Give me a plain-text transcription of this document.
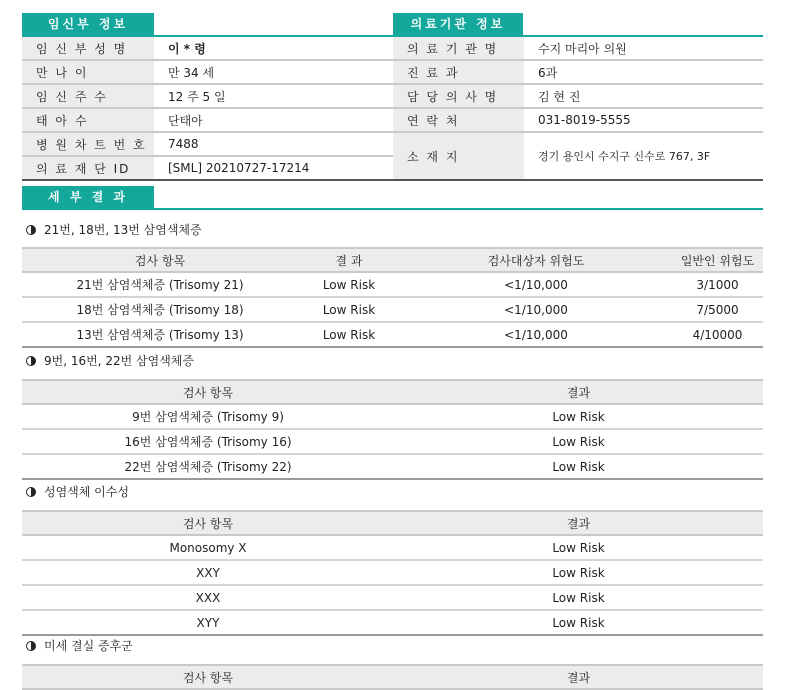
임신부 정보
임 신 부 성 명	이 * 령
만 나 이	만 34 세
임 신 주 수	12 주 5 일
태 아 수	단태아
병 원 차 트 번 호	7488
의 료 재 단 ID	[SML] 20210727-17214
의료기관 정보
의 료 기 관 명	수지 마리아 의원
진 료 과	6과
담 당 의 사 명	김 현 진
연 락 처	031-8019-5555
소 재 지	경기 용인시 수지구 신수로 767, 3F
세 부 결 과
21번, 18번, 13번 삼염색체증
검사 항목	결 과	검사대상자 위험도	일반인 위험도
21번 삼염색체증 (Trisomy 21)	Low Risk	<1/10,000	3/1000
18번 삼염색체증 (Trisomy 18)	Low Risk	<1/10,000	7/5000
13번 삼염색체증 (Trisomy 13)	Low Risk	<1/10,000	4/10000
9번, 16번, 22번 삼염색체증
검사 항목	결과
9번 삼염색체증 (Trisomy 9)	Low Risk
16번 삼염색체증 (Trisomy 16)	Low Risk
22번 삼염색체증 (Trisomy 22)	Low Risk
성염색체 이수성
검사 항목	결과
Monosomy X	Low Risk
XXY	Low Risk
XXX	Low Risk
XYY	Low Risk
미세 결실 증후군
검사 항목	결과
